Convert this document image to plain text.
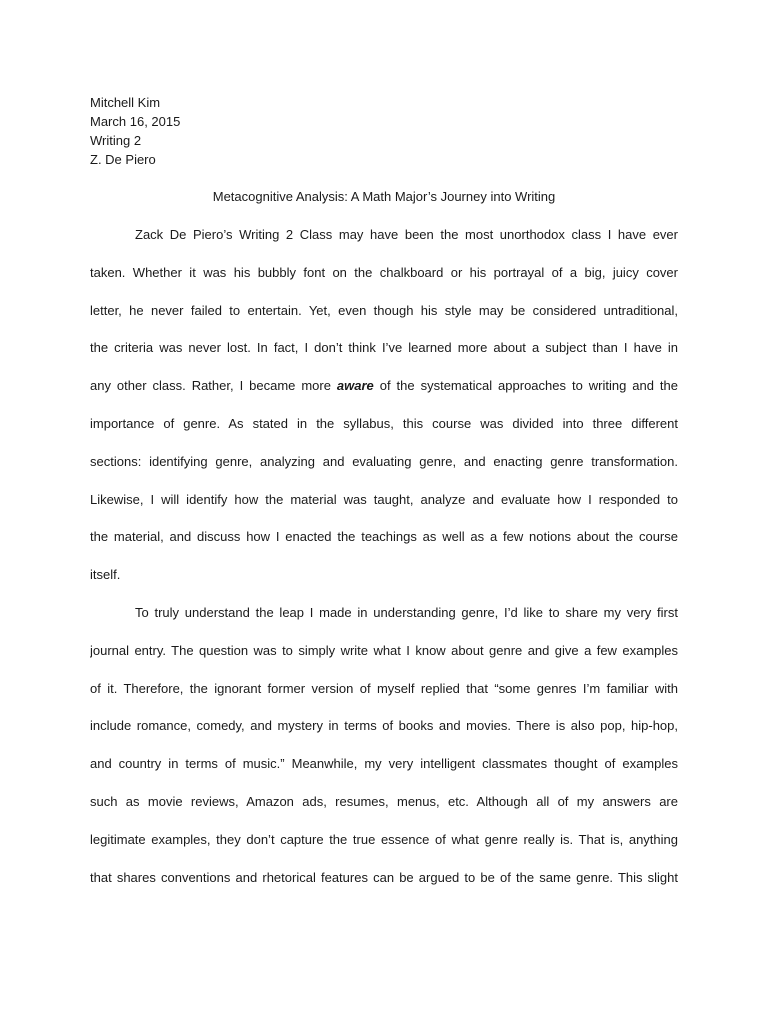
Mitchell Kim
March 16, 2015
Writing 2
Z. De Piero
Metacognitive Analysis: A Math Major’s Journey into Writing
Zack De Piero’s Writing 2 Class may have been the most unorthodox class I have ever
taken. Whether it was his bubbly font on the chalkboard or his portrayal of a big, juicy cover
letter, he never failed to entertain. Yet, even though his style may be considered untraditional,
the criteria was never lost. In fact, I don’t think I’ve learned more about a subject than I have in
any other class. Rather, I became more aware of the systematical approaches to writing and the
importance of genre. As stated in the syllabus, this course was divided into three different
sections: identifying genre, analyzing and evaluating genre, and enacting genre transformation.
Likewise, I will identify how the material was taught, analyze and evaluate how I responded to
the material, and discuss how I enacted the teachings as well as a few notions about the course
itself.
To truly understand the leap I made in understanding genre, I’d like to share my very first
journal entry. The question was to simply write what I know about genre and give a few examples
of it. Therefore, the ignorant former version of myself replied that “some genres I’m familiar with
include romance, comedy, and mystery in terms of books and movies. There is also pop, hip-hop,
and country in terms of music.” Meanwhile, my very intelligent classmates thought of examples
such as movie reviews, Amazon ads, resumes, menus, etc. Although all of my answers are
legitimate examples, they don’t capture the true essence of what genre really is. That is, anything
that shares conventions and rhetorical features can be argued to be of the same genre. This slight
